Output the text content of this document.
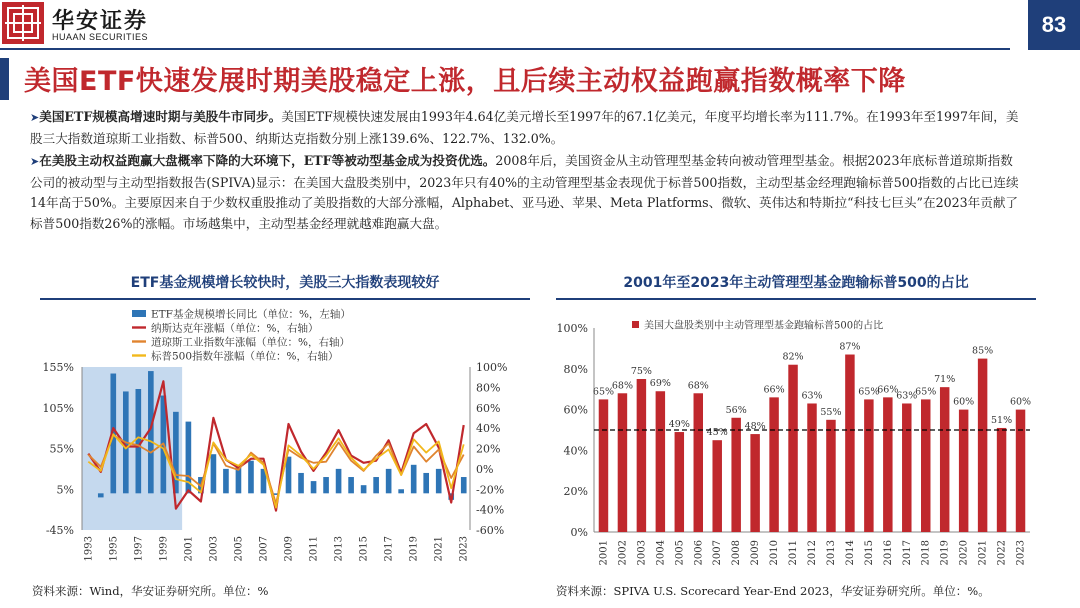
华安证券
HUAAN SECURITIES	83
美国ETF快速发展时期美股稳定上涨，且后续主动权益跑赢指数概率下降

➤美国ETF规模高增速时期与美股牛市同步。美国ETF规模快速发展由1993年4.64亿美元增长至1997年的67.1亿美元，年度平均增长率为111.7%。在1993年至1997年间，美股三大指数道琼斯工业指数、标普500、纳斯达克指数分别上涨139.6%、122.7%、132.0%。

➤在美股主动权益跑赢大盘概率下降的大环境下，ETF等被动型基金成为投资优选。2008年后，美国资金从主动管理型基金转向被动管理型基金。根据2023年底标普道琼斯指数公司的被动型与主动型指数报告(SPIVA)显示：在美国大盘股类别中，2023年只有40%的主动管理型基金表现优于标普500指数，主动型基金经理跑输标普500指数的占比已连续14年高于50%。主要原因来自于少数权重股推动了美股指数的大部分涨幅，Alphabet、亚马逊、苹果、Meta Platforms、微软、英伟达和特斯拉“科技七巨头”在2023年贡献了标普500指数26%的涨幅。市场越集中，主动型基金经理就越难跑赢大盘。

ETF基金规模增长较快时，美股三大指数表现较好
-45%
5%
55%
105%
155%
-60%
-40%
-20%
0%
20%
40%
60%
80%
100%
1993 1995 1997 1999 2001 2003 2005 2007 2009 2011 2013 2015 2017 2019 2021 2023
ETF基金规模增长同比（单位：%，左轴）
纳斯达克年涨幅（单位：%，右轴）
道琼斯工业指数年涨幅（单位：%，右轴）
标普500指数年涨幅（单位：%，右轴）
资料来源：Wind，华安证券研究所。单位：%
2001年至2023年主动管理型基金跑输标普500的占比
0%
20%
40%
60%
80%
100%
65%
2001
68%
2002
75%
2003
69%
2004
49%
2005
68%
2006
45%
2007
56%
2008
48%
2009
66%
2010
82%
2011
63%
2012
55%
2013
87%
2014
65%
2015
66%
2016
63%
2017
65%
2018
71%
2019
60%
2020
85%
2021
51%
2022
60%
2023
美国大盘股类别中主动管理型基金跑输标普500的占比
资料来源：SPIVA U.S. Scorecard Year-End 2023，华安证券研究所。单位：%。
